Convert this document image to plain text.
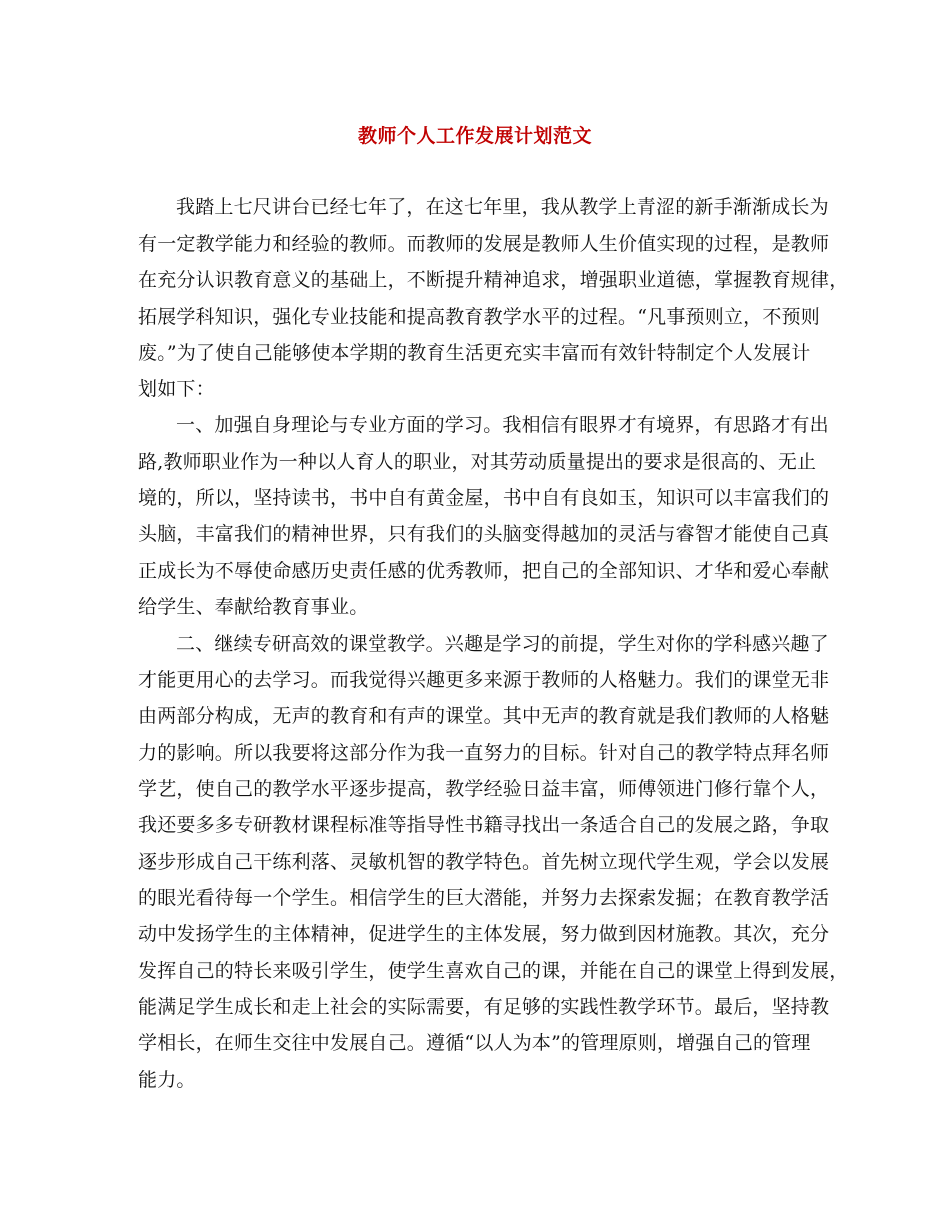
教师个人工作发展计划范文
我踏上七尺讲台已经七年了，在这七年里，我从教学上青涩的新手渐渐成长为
有一定教学能力和经验的教师。而教师的发展是教师人生价值实现的过程，是教师
在充分认识教育意义的基础上，不断提升精神追求，增强职业道德，掌握教育规律，
拓展学科知识，强化专业技能和提高教育教学水平的过程。“凡事预则立，不预则
废。”为了使自己能够使本学期的教育生活更充实丰富而有效针特制定个人发展计
划如下：
一、加强自身理论与专业方面的学习。我相信有眼界才有境界，有思路才有出
路,教师职业作为一种以人育人的职业，对其劳动质量提出的要求是很高的、无止
境的，所以，坚持读书，书中自有黄金屋，书中自有良如玉，知识可以丰富我们的
头脑，丰富我们的精神世界，只有我们的头脑变得越加的灵活与睿智才能使自己真
正成长为不辱使命感历史责任感的优秀教师，把自己的全部知识、才华和爱心奉献
给学生、奉献给教育事业。
二、继续专研高效的课堂教学。兴趣是学习的前提，学生对你的学科感兴趣了
才能更用心的去学习。而我觉得兴趣更多来源于教师的人格魅力。我们的课堂无非
由两部分构成，无声的教育和有声的课堂。其中无声的教育就是我们教师的人格魅
力的影响。所以我要将这部分作为我一直努力的目标。针对自己的教学特点拜名师
学艺，使自己的教学水平逐步提高，教学经验日益丰富，师傅领进门修行靠个人，
我还要多多专研教材课程标准等指导性书籍寻找出一条适合自己的发展之路，争取
逐步形成自己干练利落、灵敏机智的教学特色。首先树立现代学生观，学会以发展
的眼光看待每一个学生。相信学生的巨大潜能，并努力去探索发掘；在教育教学活
动中发扬学生的主体精神，促进学生的主体发展，努力做到因材施教。其次，充分
发挥自己的特长来吸引学生，使学生喜欢自己的课，并能在自己的课堂上得到发展，
能满足学生成长和走上社会的实际需要，有足够的实践性教学环节。最后，坚持教
学相长，在师生交往中发展自己。遵循“以人为本”的管理原则，增强自己的管理
能力。
